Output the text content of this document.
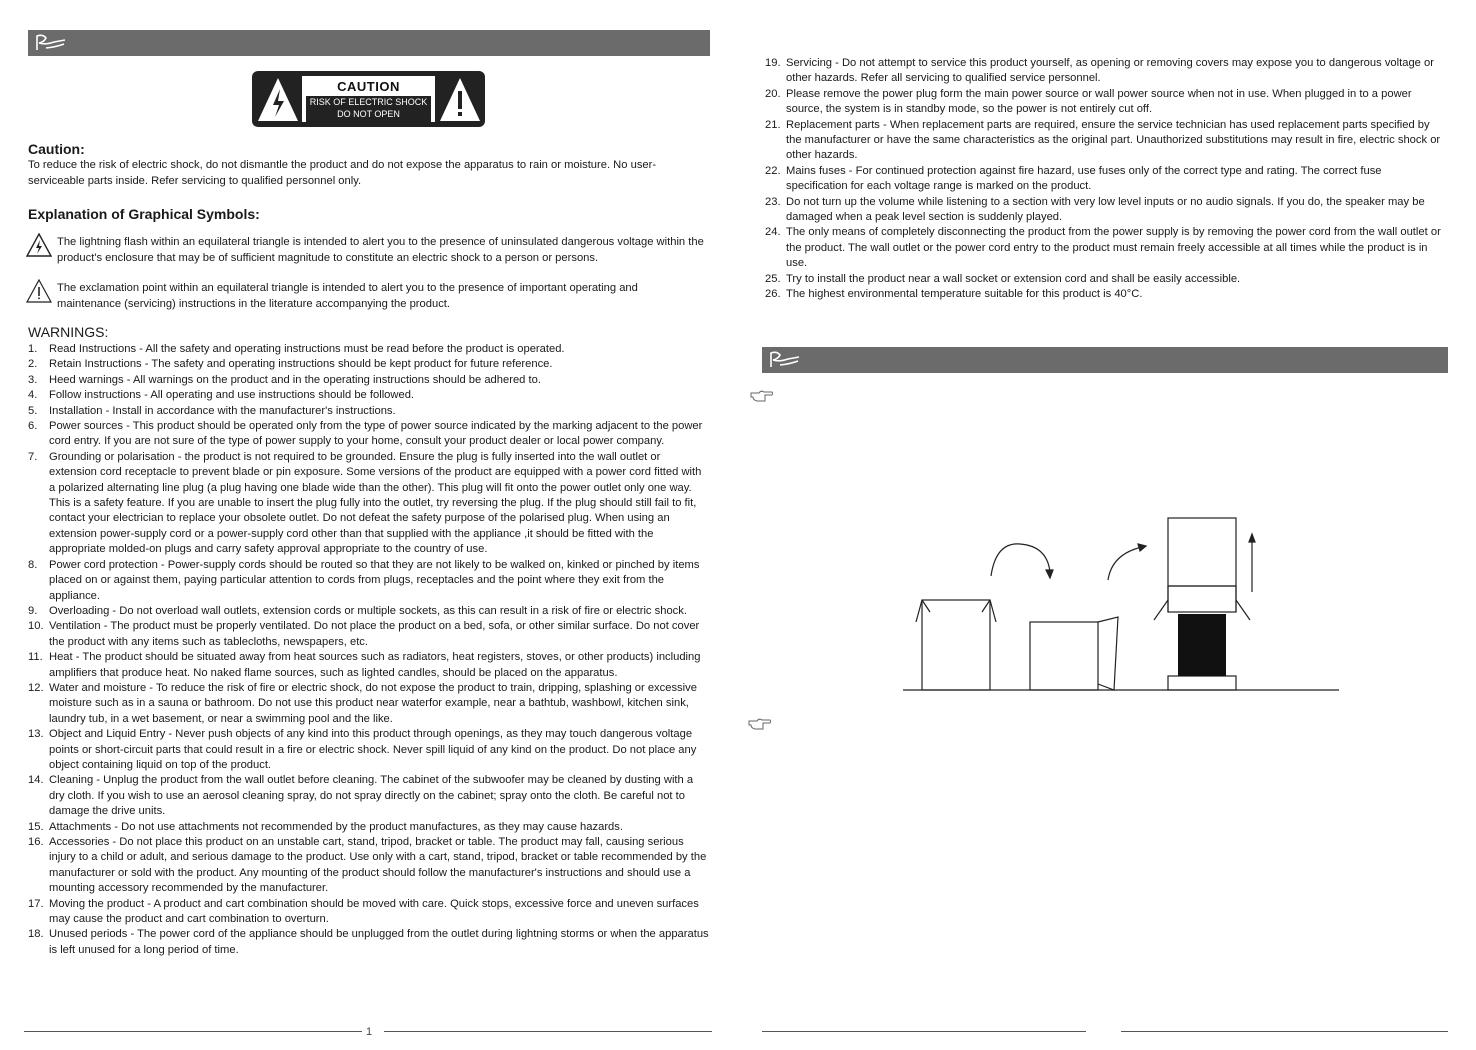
CAUTION
RISK OF ELECTRIC SHOCK
DO NOT OPEN
Caution:

To reduce the risk of electric shock, do not dismantle the product and do not expose the apparatus to rain or moisture. No user-serviceable parts inside. Refer servicing to qualified personnel only.

Explanation of Graphical Symbols:

The lightning flash within an equilateral triangle is intended to alert you to the presence of uninsulated dangerous voltage within the product's enclosure that may be of sufficient magnitude to constitute an electric shock to a person or persons.

The exclamation point within an equilateral triangle is intended to alert you to the presence of important operating and maintenance (servicing) instructions in the literature accompanying the product.

WARNINGS:
1. Read Instructions - All the safety and operating instructions must be read before the product is operated.
2. Retain Instructions - The safety and operating instructions should be kept product for future reference.
3. Heed warnings - All warnings on the product and in the operating instructions should be adhered to.
4. Follow instructions - All operating and use instructions should be followed.
5. Installation - Install in accordance with the manufacturer's instructions.
6. Power sources - This product should be operated only from the type of power source indicated by the marking adjacent to the power cord entry. If you are not sure of the type of power supply to your home, consult your product dealer or local power company.
7. Grounding or polarisation - the product is not required to be grounded. Ensure the plug is fully inserted into the wall outlet or extension cord receptacle to prevent blade or pin exposure. Some versions of the product are equipped with a power cord fitted with a polarized alternating line plug (a plug having one blade wide than the other). This plug will fit onto the power outlet only one way. This is a safety feature. If you are unable to insert the plug fully into the outlet, try reversing the plug. If the plug should still fail to fit, contact your electrician to replace your obsolete outlet. Do not defeat the safety purpose of the polarised plug. When using an extension power-supply cord or a power-supply cord other than that supplied with the appliance ,it should be fitted with the appropriate molded-on plugs and carry safety approval appropriate to the country of use.
8. Power cord protection - Power-supply cords should be routed so that they are not likely to be walked on, kinked or pinched by items placed on or against them, paying particular attention to cords from plugs, receptacles and the point where they exit from the appliance.
9. Overloading - Do not overload wall outlets, extension cords or multiple sockets, as this can result in a risk of fire or electric shock.
10. Ventilation - The product must be properly ventilated. Do not place the product on a bed, sofa, or other similar surface. Do not cover the product with any items such as tablecloths, newspapers, etc.
11. Heat - The product should be situated away from heat sources such as radiators, heat registers, stoves, or other products) including amplifiers that produce heat. No naked flame sources, such as lighted candles, should be placed on the apparatus.
12. Water and moisture - To reduce the risk of fire or electric shock, do not expose the product to train, dripping, splashing or excessive moisture such as in a sauna or bathroom. Do not use this product near waterfor example, near a bathtub, washbowl, kitchen sink, laundry tub, in a wet basement, or near a swimming pool and the like.
13. Object and Liquid Entry - Never push objects of any kind into this product through openings, as they may touch dangerous voltage points or short-circuit parts that could result in a fire or electric shock. Never spill liquid of any kind on the product. Do not place any object containing liquid on top of the product.
14. Cleaning - Unplug the product from the wall outlet before cleaning. The cabinet of the subwoofer may be cleaned by dusting with a dry cloth. If you wish to use an aerosol cleaning spray, do not spray directly on the cabinet; spray onto the cloth. Be careful not to damage the drive units.
15. Attachments - Do not use attachments not recommended by the product manufactures, as they may cause hazards.
16. Accessories - Do not place this product on an unstable cart, stand, tripod, bracket or table. The product may fall, causing serious injury to a child or adult, and serious damage to the product. Use only with a cart, stand, tripod, bracket or table recommended by the manufacturer or sold with the product. Any mounting of the product should follow the manufacturer's instructions and should use a mounting accessory recommended by the manufacturer.
17. Moving the product - A product and cart combination should be moved with care. Quick stops, excessive force and uneven surfaces may cause the product and cart combination to overturn.
18. Unused periods - The power cord of the appliance should be unplugged from the outlet during lightning storms or when the apparatus is left unused for a long period of time.
1
19. Servicing - Do not attempt to service this product yourself, as opening or removing covers may expose you to dangerous voltage or other hazards. Refer all servicing to qualified service personnel.
20. Please remove the power plug form the main power source or wall power source when not in use. When plugged in to a power source, the system is in standby mode, so the power is not entirely cut off.
21. Replacement parts - When replacement parts are required, ensure the service technician has used replacement parts specified by the manufacturer or have the same characteristics as the original part. Unauthorized substitutions may result in fire, electric shock or other hazards.
22. Mains fuses - For continued protection against fire hazard, use fuses only of the correct type and rating. The correct fuse specification for each voltage range is marked on the product.
23. Do not turn up the volume while listening to a section with very low level inputs or no audio signals. If you do, the speaker may be damaged when a peak level section is suddenly played.
24. The only means of completely disconnecting the product from the power supply is by removing the power cord from the wall outlet or the product. The wall outlet or the power cord entry to the product must remain freely accessible at all times while the product is in use.
25. Try to install the product near a wall socket or extension cord and shall be easily accessible.
26. The highest environmental temperature suitable for this product is 40°C.
